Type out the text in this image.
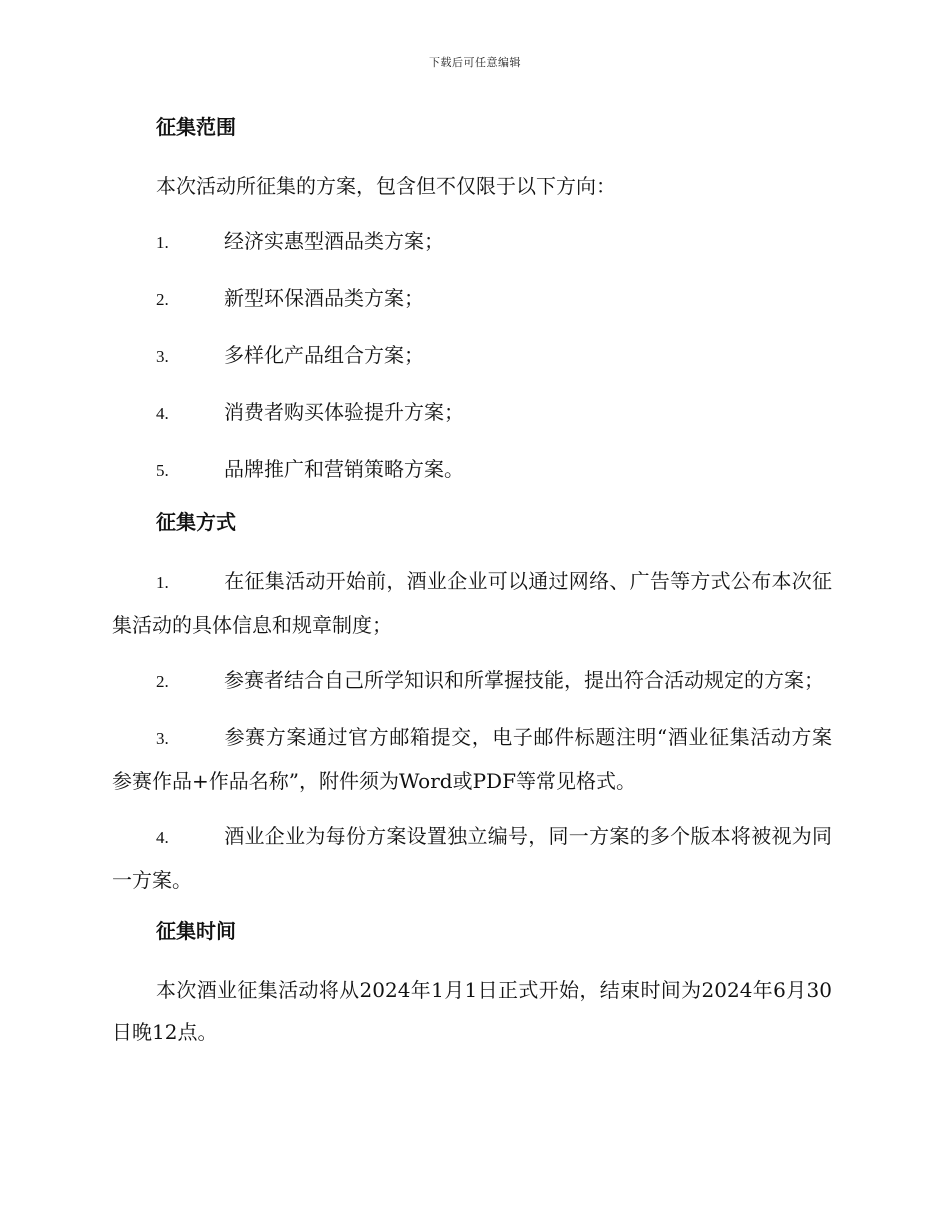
下载后可任意编辑
征集范围
本次活动所征集的方案，包含但不仅限于以下方向：
1.	经济实惠型酒品类方案；
2.	新型环保酒品类方案；
3.	多样化产品组合方案；
4.	消费者购买体验提升方案；
5.	品牌推广和营销策略方案。
征集方式
1.	在征集活动开始前，酒业企业可以通过网络、广告等方式公布本次征集活动的具体信息和规章制度；
2.	参赛者结合自己所学知识和所掌握技能，提出符合活动规定的方案；
3.	参赛方案通过官方邮箱提交，电子邮件标题注明“酒业征集活动方案参赛作品+作品名称”，附件须为Word或PDF等常见格式。
4.	酒业企业为每份方案设置独立编号，同一方案的多个版本将被视为同一方案。
征集时间
本次酒业征集活动将从2024年1月1日正式开始，结束时间为2024年6月30日晚12点。
